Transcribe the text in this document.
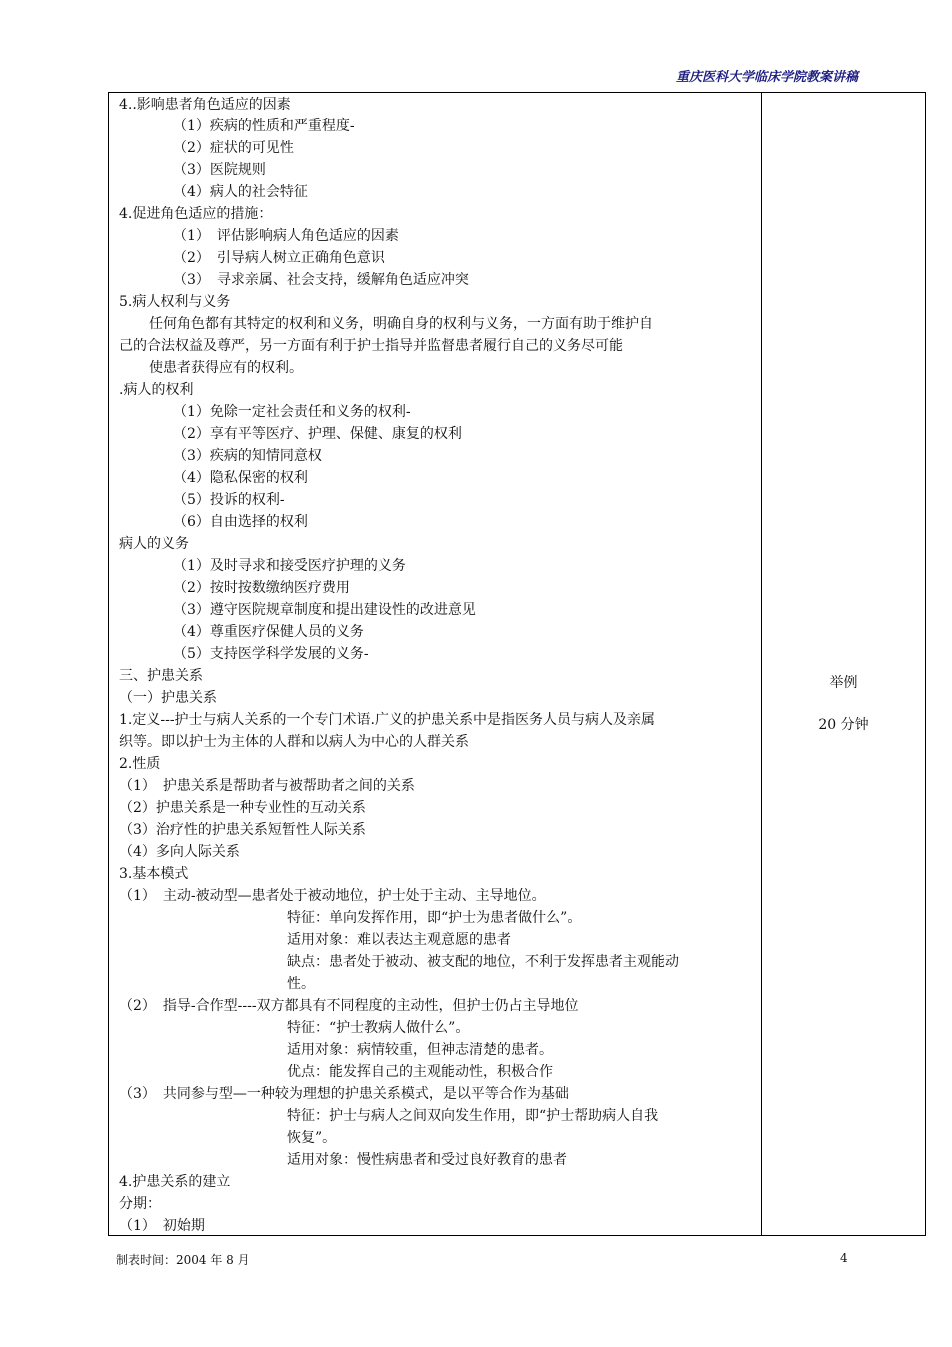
重庆医科大学临床学院教案讲稿
4..影响患者角色适应的因素
（1）疾病的性质和严重程度-
（2）症状的可见性
（3）医院规则
（4）病人的社会特征
4.促进角色适应的措施：
（1）　评估影响病人角色适应的因素
（2）　引导病人树立正确角色意识
（3）　寻求亲属、社会支持，缓解角色适应冲突
5.病人权利与义务
任何角色都有其特定的权利和义务，明确自身的权利与义务，一方面有助于维护自
己的合法权益及尊严，另一方面有利于护士指导并监督患者履行自己的义务尽可能
使患者获得应有的权利。
.病人的权利
（1）免除一定社会责任和义务的权利-
（2）享有平等医疗、护理、保健、康复的权利
（3）疾病的知情同意权
（4）隐私保密的权利
（5）投诉的权利-
（6）自由选择的权利
病人的义务
（1）及时寻求和接受医疗护理的义务
（2）按时按数缴纳医疗费用
（3）遵守医院规章制度和提出建设性的改进意见
（4）尊重医疗保健人员的义务
（5）支持医学科学发展的义务-
三、护患关系
（一）护患关系
1.定义---护士与病人关系的一个专门术语.广义的护患关系中是指医务人员与病人及亲属
织等。即以护士为主体的人群和以病人为中心的人群关系
2.性质
（1）　护患关系是帮助者与被帮助者之间的关系
（2）护患关系是一种专业性的互动关系
（3）治疗性的护患关系短暂性人际关系
（4）多向人际关系
3.基本模式
（1）　主动-被动型—患者处于被动地位，护士处于主动、主导地位。
特征：单向发挥作用，即“护士为患者做什么”。
适用对象：难以表达主观意愿的患者
缺点：患者处于被动、被支配的地位，不利于发挥患者主观能动
性。
（2）　指导-合作型----双方都具有不同程度的主动性，但护士仍占主导地位
特征：“护士教病人做什么”。
适用对象：病情较重，但神志清楚的患者。
优点：能发挥自己的主观能动性，积极合作
（3）　共同参与型—一种较为理想的护患关系模式，是以平等合作为基础
特征：护士与病人之间双向发生作用，即“护士帮助病人自我
恢复”。
适用对象：慢性病患者和受过良好教育的患者
4.护患关系的建立
分期：
（1）　初始期
举例
20 分钟
制表时间：2004 年 8 月	4
